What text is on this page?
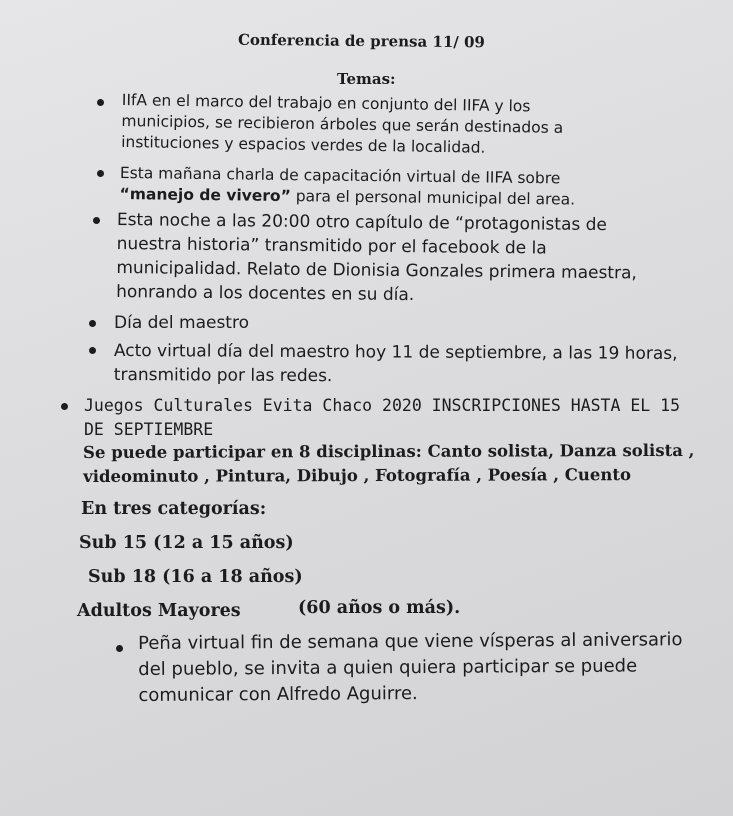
Conferencia de prensa 11/ 09
Temas:
IIfA en el marco del trabajo en conjunto del IIFA y los
municipios, se recibieron árboles que serán destinados a
instituciones y espacios verdes de la localidad.
Esta mañana charla de capacitación virtual de IIFA sobre
“manejo de vivero” para el personal municipal del area.
Esta noche a las 20:00 otro capítulo de “protagonistas de
nuestra historia” transmitido por el facebook de la
municipalidad. Relato de Dionisia Gonzales primera maestra,
honrando a los docentes en su día.
Día del maestro
Acto virtual día del maestro hoy 11 de septiembre, a las 19 horas,
transmitido por las redes.
Juegos Culturales Evita Chaco 2020 INSCRIPCIONES HASTA EL 15
DE SEPTIEMBRE
Se puede participar en 8 disciplinas: Canto solista, Danza solista ,
videominuto , Pintura, Dibujo , Fotografía , Poesía , Cuento
En tres categorías:
Sub 15 (12 a 15 años)
Sub 18 (16 a 18 años)
Adultos Mayores	(60 años o más).
Peña virtual fin de semana que viene vísperas al aniversario
del pueblo, se invita a quien quiera participar se puede
comunicar con Alfredo Aguirre.
